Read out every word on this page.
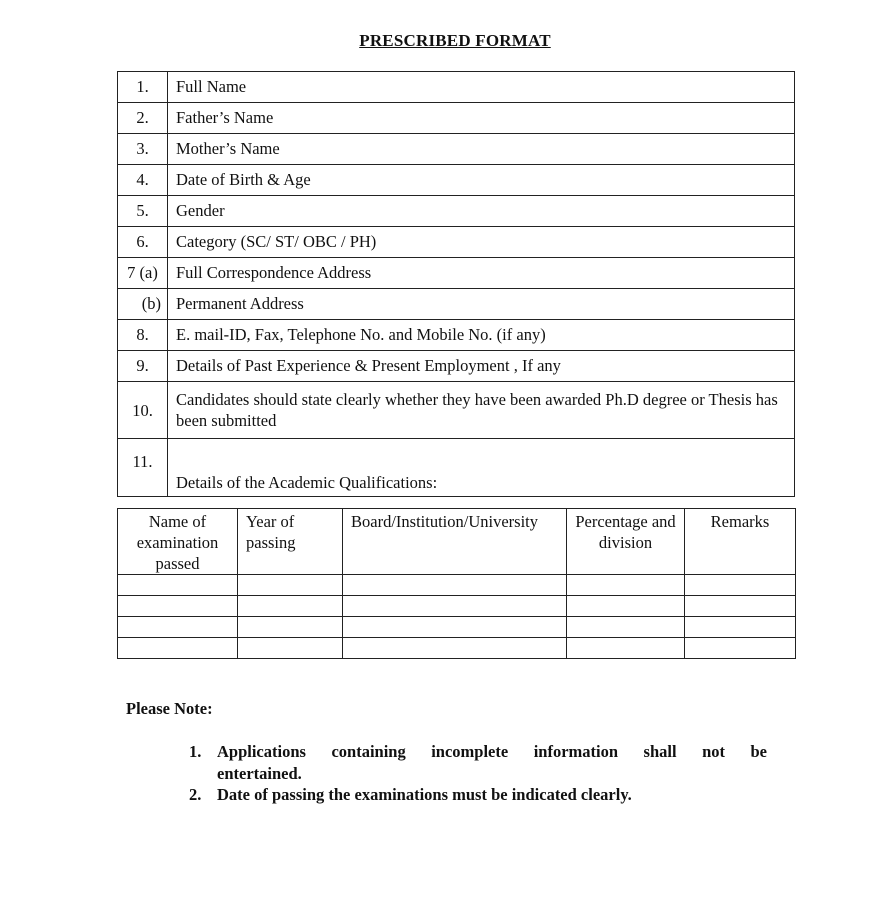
PRESCRIBED FORMAT
1.	Full Name
2.	Father’s Name
3.	Mother’s Name
4.	Date of Birth & Age
5.	Gender
6.	Category (SC/ ST/ OBC / PH)
7 (a)	Full Correspondence Address
(b)	Permanent Address
8.	E. mail-ID, Fax, Telephone No. and Mobile No. (if any)
9.	Details of Past Experience & Present Employment , If any
10.	Candidates should state clearly whether they have been awarded Ph.D degree or Thesis has been submitted
11.	Details of the Academic Qualifications:
Name of examination passed	Year of passing	Board/Institution/University	Percentage and division	Remarks

Please Note:
1. Applications containing incomplete information shall not be
entertained.
2. Date of passing the examinations must be indicated clearly.
